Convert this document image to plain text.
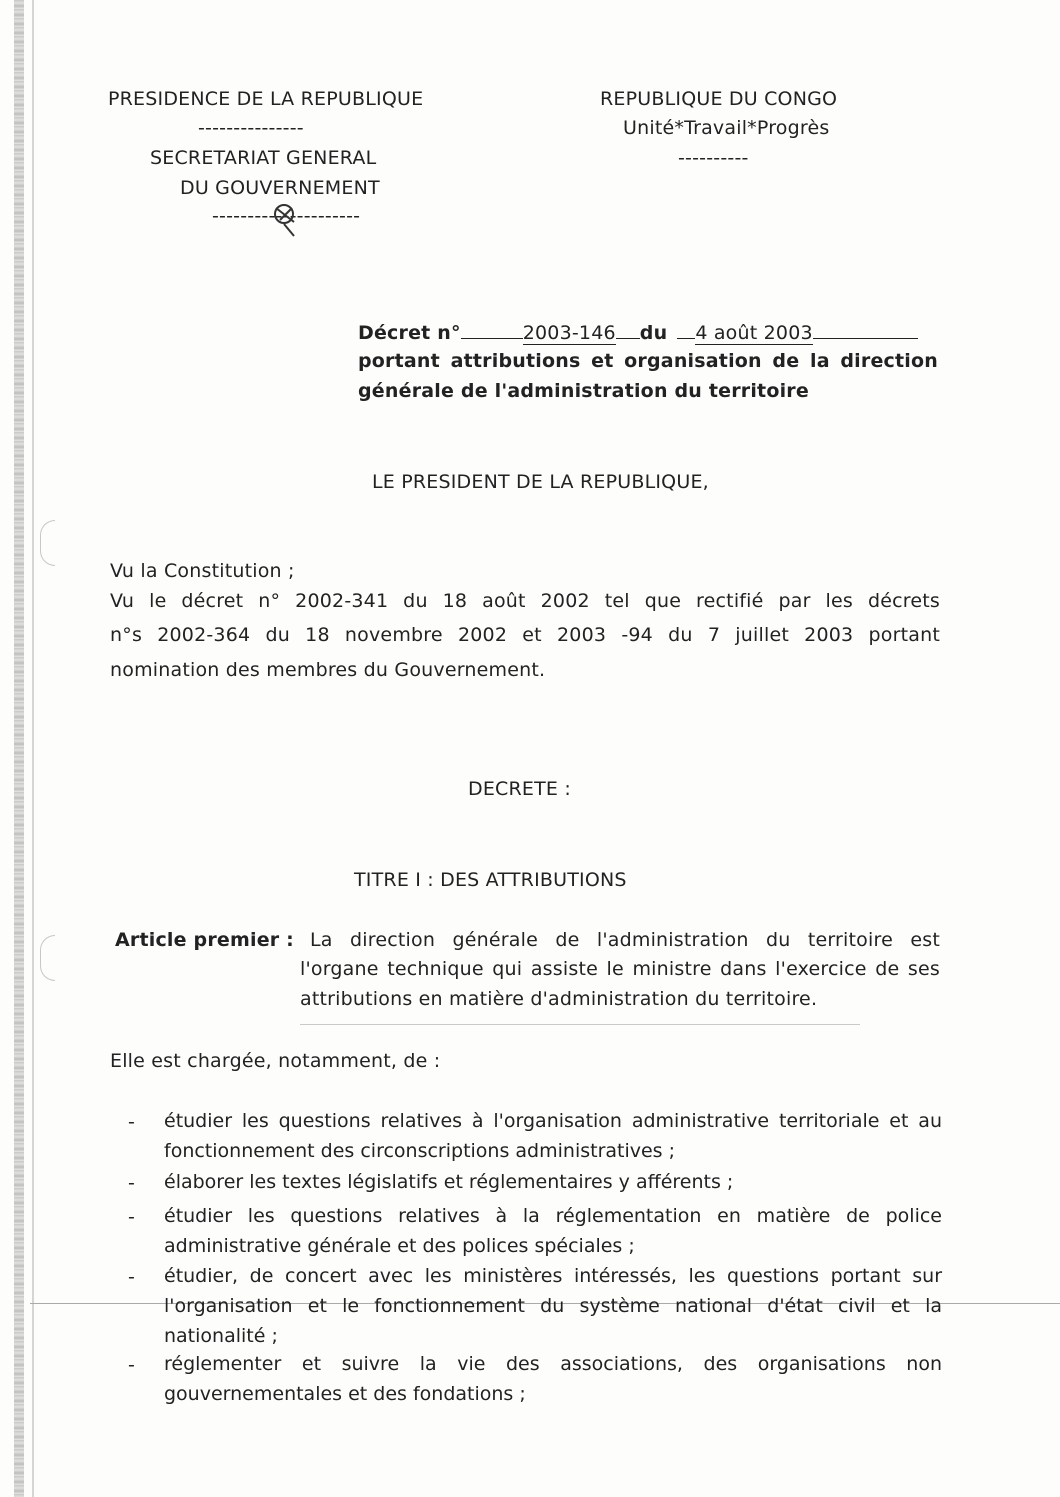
PRESIDENCE DE LA REPUBLIQUE
---------------
SECRETARIAT GENERAL
DU GOUVERNEMENT
---------------------
REPUBLIQUE DU CONGO
Unité*Travail*Progrès
----------
Décret n°	2003-146 du 4 août 2003
portant attributions et organisation de la direction
générale de l'administration du territoire
LE PRESIDENT DE LA REPUBLIQUE,
Vu la Constitution ;
Vu le décret n° 2002-341 du 18 août 2002 tel que rectifié par les décrets
n°s 2002-364 du 18 novembre 2002 et 2003 -94 du 7 juillet 2003 portant
nomination des membres du Gouvernement.
DECRETE :
TITRE I : DES ATTRIBUTIONS
Article premier : La direction générale de l'administration du territoire est
l'organe technique qui assiste le ministre dans l'exercice de ses
attributions en matière d'administration du territoire.
Elle est chargée, notamment, de :
- étudier les questions relatives à l'organisation administrative territoriale et au fonctionnement des circonscriptions administratives ;
- élaborer les textes législatifs et réglementaires y afférents ;
- étudier les questions relatives à la réglementation en matière de police administrative générale et des polices spéciales ;
- étudier, de concert avec les ministères intéressés, les questions portant sur l'organisation et le fonctionnement du système national d'état civil et la nationalité ;
- réglementer et suivre la vie des associations, des organisations non gouvernementales et des fondations ;
